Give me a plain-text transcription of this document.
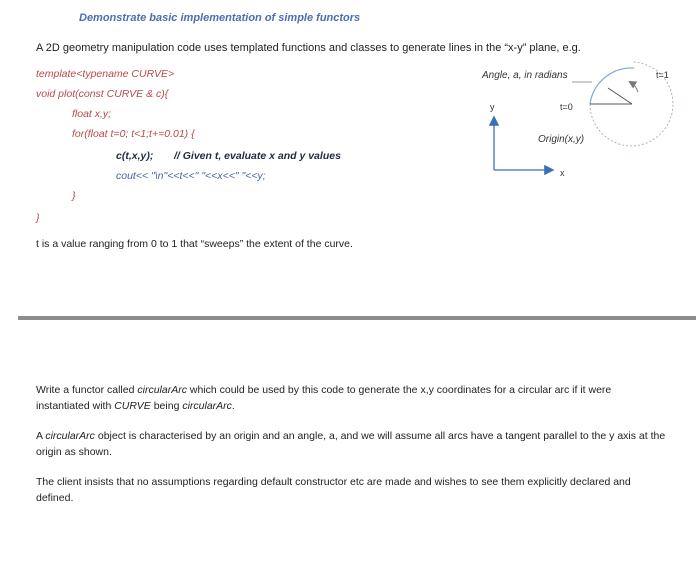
Demonstrate basic implementation of simple functors
A 2D geometry manipulation code uses templated functions and classes to generate lines in the “x-y” plane, e.g.
template<typename CURVE>
void plot(const CURVE & c){
float x,y;
for(float t=0; t<1;t+=0.01) {
c(t,x,y); // Given t, evaluate x and y values
cout<< "\n"<<t<<" "<<x<<" "<<y;
}
}
t is a value ranging from 0 to 1 that “sweeps” the extent of the curve.
Angle, a, in radians	t=1
t=0
y
Origin(x,y)
x
Write a functor called circularArc which could be used by this code to generate the x,y coordinates for a circular arc if it were instantiated with CURVE being circularArc.
A circularArc object is characterised by an origin and an angle, a, and we will assume all arcs have a tangent parallel to the y axis at the origin as shown.
The client insists that no assumptions regarding default constructor etc are made and wishes to see them explicitly declared and defined.
